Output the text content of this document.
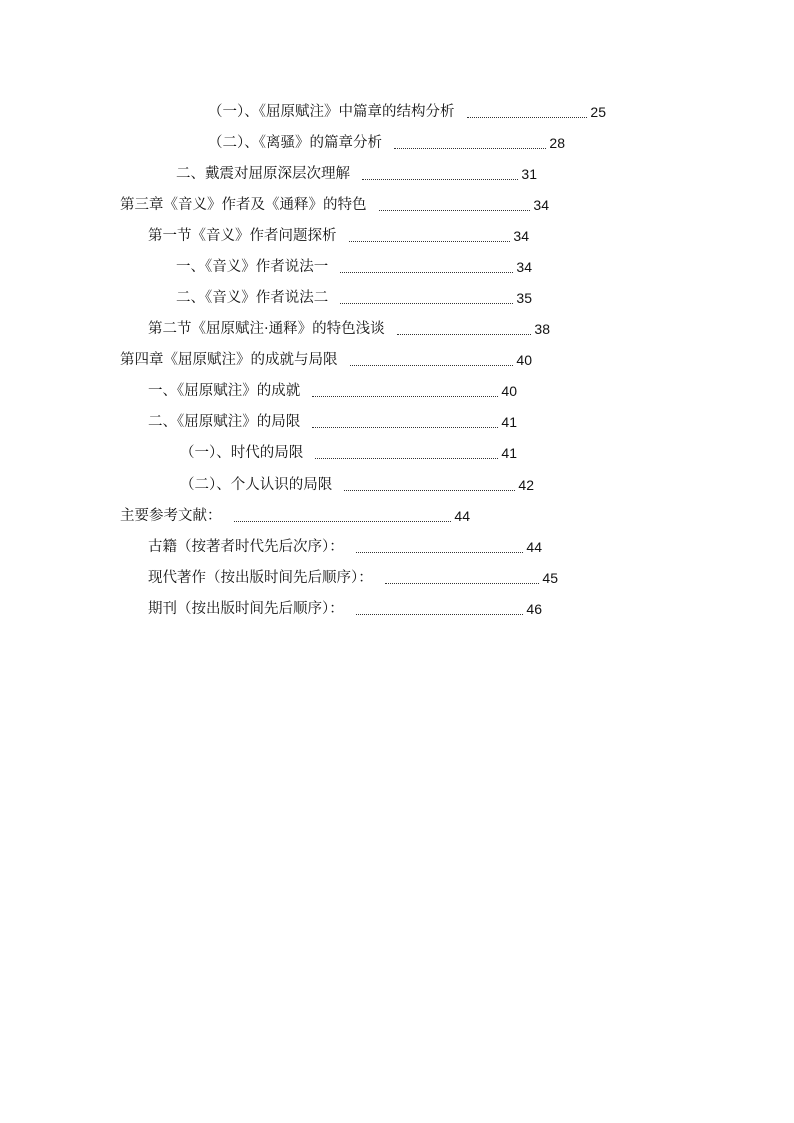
（一）、《屈原赋注》中篇章的结构分析	25
（二）、《离骚》的篇章分析	28
二、戴震对屈原深层次理解	31
第三章《音义》作者及《通释》的特色	34
第一节《音义》作者问题探析	34
一、《音义》作者说法一	34
二、《音义》作者说法二	35
第二节《屈原赋注·通释》的特色浅谈	38
第四章《屈原赋注》的成就与局限	40
一、《屈原赋注》的成就	40
二、《屈原赋注》的局限	41
（一）、时代的局限	41
（二）、个人认识的局限	42
主要参考文献：	44
古籍（按著者时代先后次序）：	44
现代著作（按出版时间先后顺序）：	45
期刊（按出版时间先后顺序）：	46
